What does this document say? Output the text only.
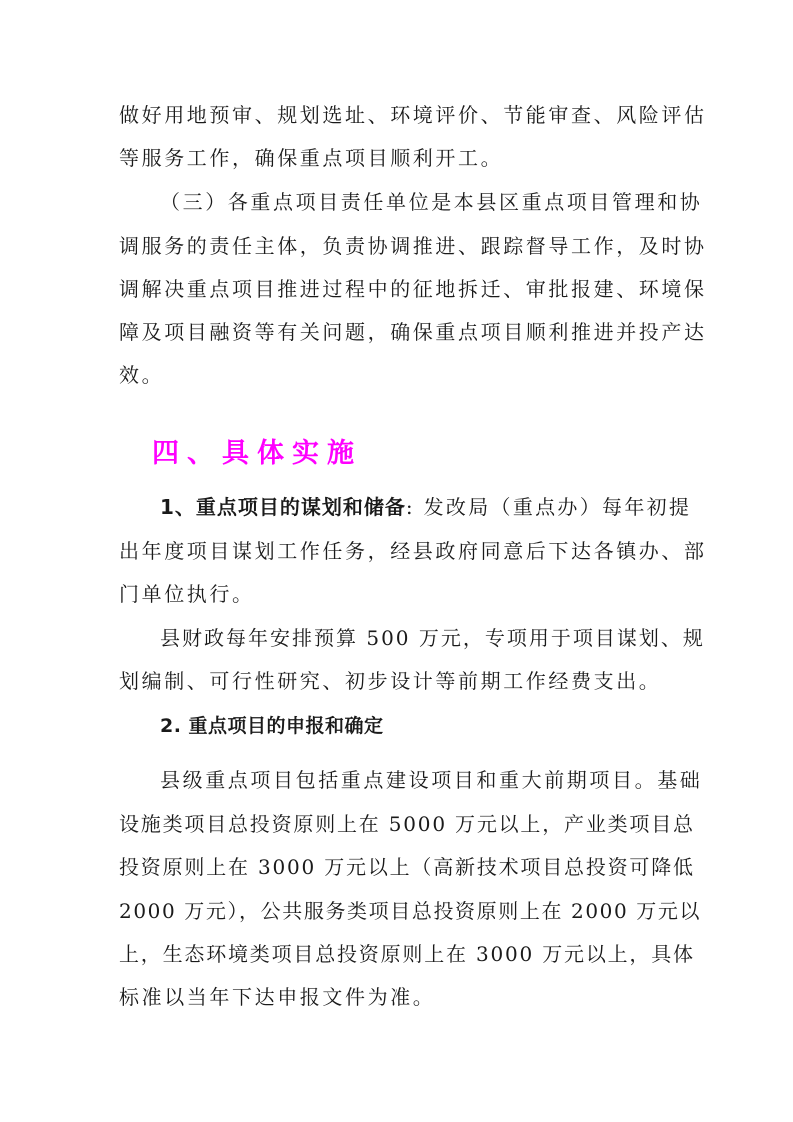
做好用地预审、规划选址、环境评价、节能审查、风险评估
等服务工作，确保重点项目顺利开工。
（三）各重点项目责任单位是本县区重点项目管理和协
调服务的责任主体，负责协调推进、跟踪督导工作，及时协
调解决重点项目推进过程中的征地拆迁、审批报建、环境保
障及项目融资等有关问题，确保重点项目顺利推进并投产达
效。
四、具体实施
1、重点项目的谋划和储备: 发改局（重点办）每年初提
出年度项目谋划工作任务，经县政府同意后下达各镇办、部
门单位执行。
县财政每年安排预算 500 万元，专项用于项目谋划、规
划编制、可行性研究、初步设计等前期工作经费支出。
2. 重点项目的申报和确定
县级重点项目包括重点建设项目和重大前期项目。基础
设施类项目总投资原则上在 5000 万元以上，产业类项目总
投资原则上在 3000 万元以上（高新技术项目总投资可降低
2000 万元），公共服务类项目总投资原则上在 2000 万元以
上，生态环境类项目总投资原则上在 3000 万元以上，具体
标准以当年下达申报文件为准。
